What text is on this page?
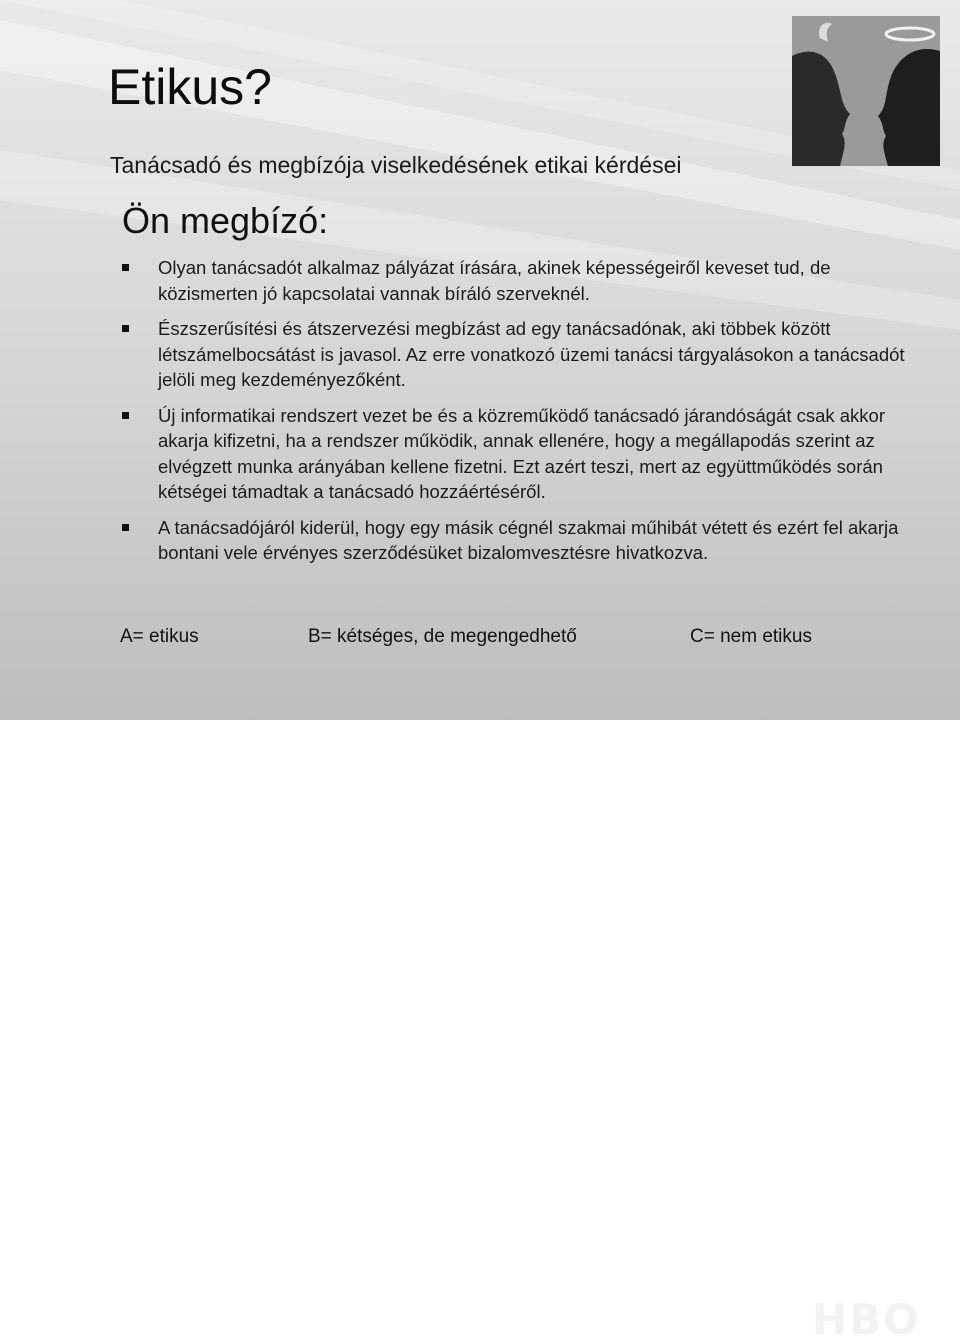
Etikus?
Tanácsadó és megbízója viselkedésének etikai kérdései
Ön megbízó:
Olyan tanácsadót alkalmaz pályázat írására, akinek képességeiről keveset tud, de közismerten jó kapcsolatai vannak bíráló szerveknél.
Észszerűsítési és átszervezési megbízást ad egy tanácsadónak, aki többek között létszámelbocsátást is javasol. Az erre vonatkozó üzemi tanácsi tárgyalásokon a tanácsadót jelöli meg kezdeményezőként.
Új informatikai rendszert vezet be és a közreműködő tanácsadó járandóságát csak akkor akarja kifizetni, ha a rendszer működik, annak ellenére, hogy a megállapodás szerint az elvégzett munka arányában kellene fizetni. Ezt azért teszi, mert az együttműködés során kétségei támadtak a tanácsadó hozzáértéséről.
A tanácsadójáról kiderül, hogy egy másik cégnél szakmai műhibát vétett és ezért fel akarja bontani vele érvényes szerződésüket bizalomvesztésre hivatkozva.
A= etikus	B= kétséges, de megengedhető	C= nem etikus
HBO2 HBO COMEDY HBO DIGITAL HBO HD cinemax cinemax2 HBO
